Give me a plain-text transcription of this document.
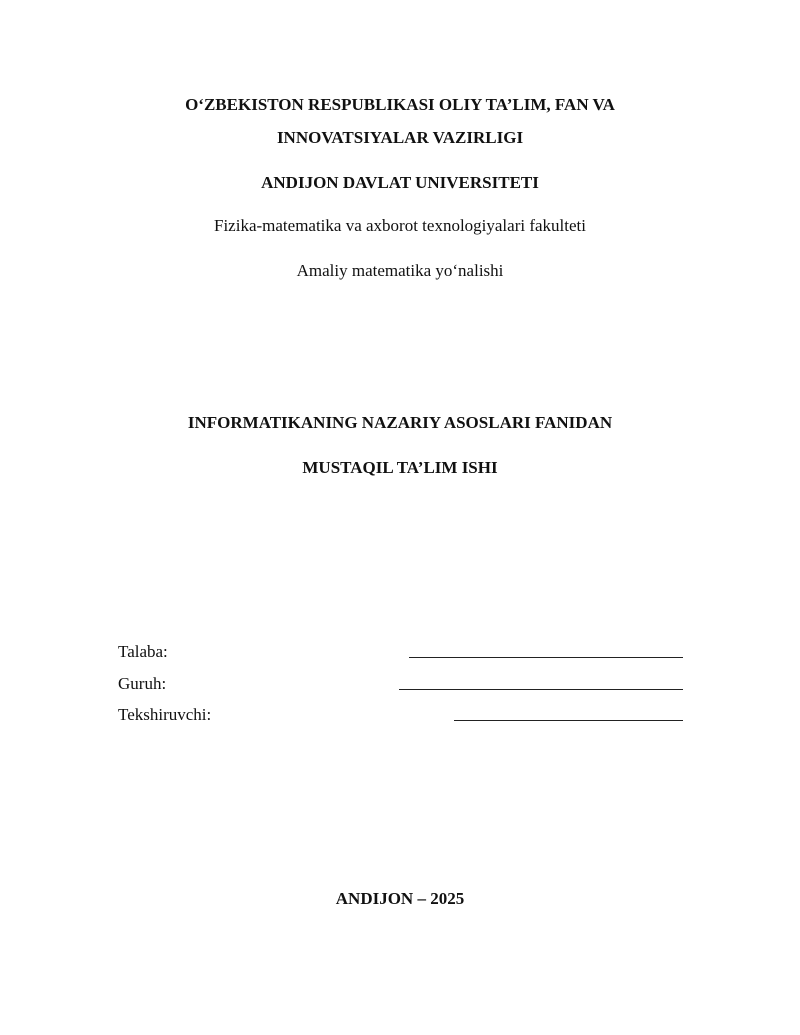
O‘ZBEKISTON RESPUBLIKASI OLIY TA’LIM, FAN VA
INNOVATSIYALAR VAZIRLIGI
ANDIJON DAVLAT UNIVERSITETI
Fizika-matematika va axborot texnologiyalari fakulteti
Amaliy matematika yo‘nalishi
INFORMATIKANING NAZARIY ASOSLARI FANIDAN
MUSTAQIL TA’LIM ISHI
Talaba:
Guruh:
Tekshiruvchi:
ANDIJON – 2025
